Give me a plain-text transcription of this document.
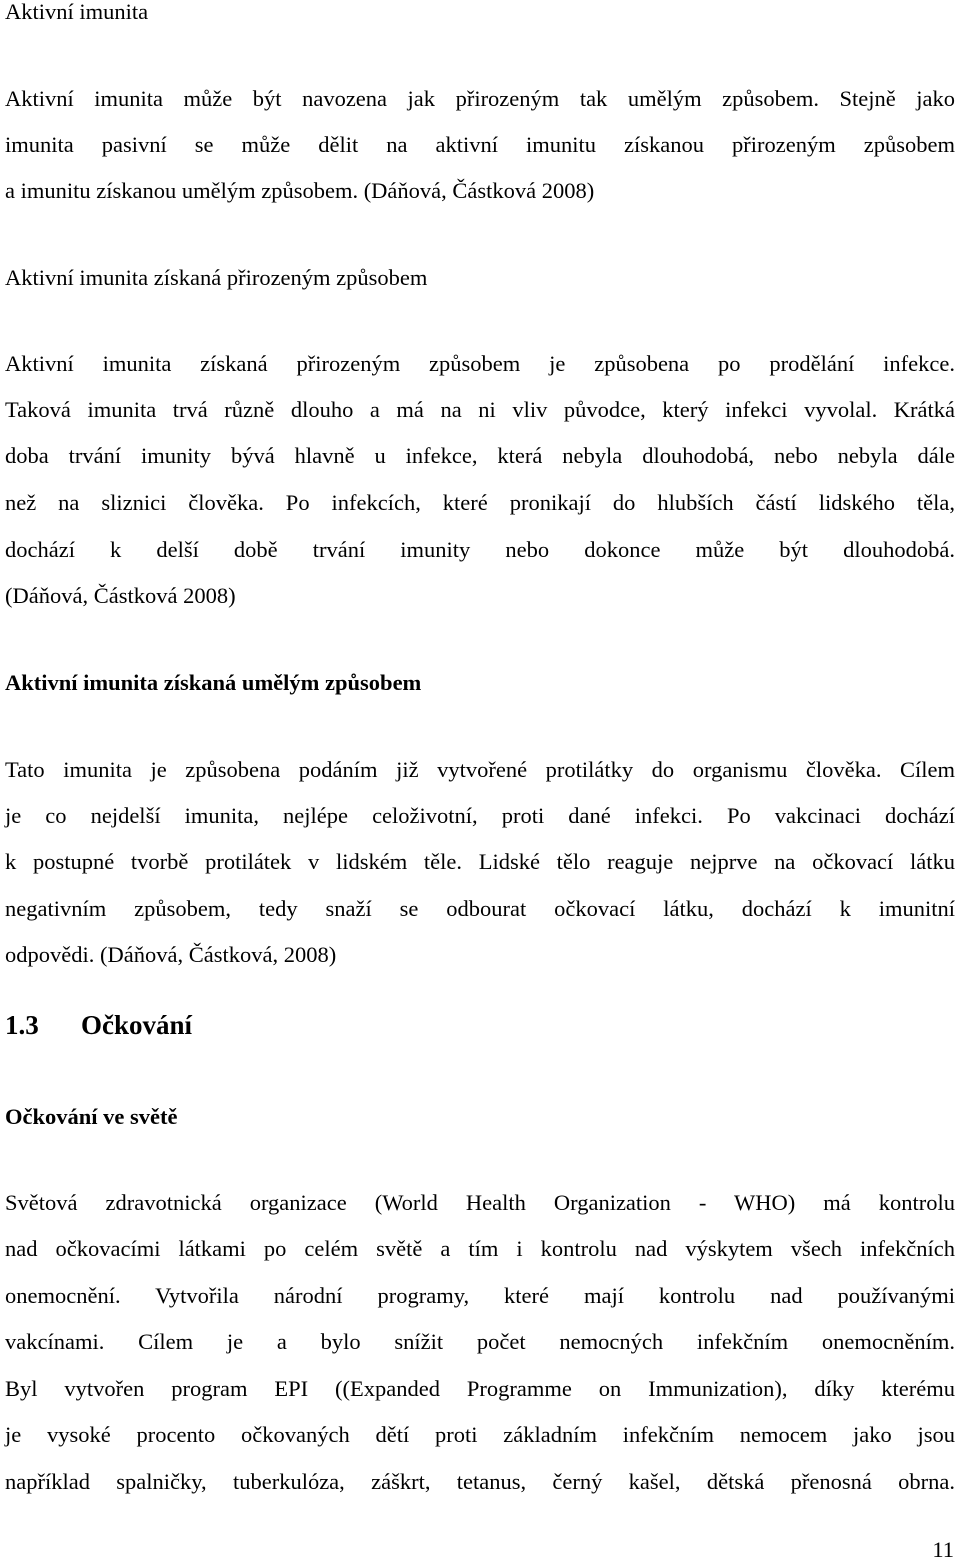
Aktivní imunita

Aktivní imunita může být navozena jak přirozeným tak umělým způsobem. Stejně jako

imunita pasivní se může dělit na aktivní imunitu získanou přirozeným způsobem

a imunitu získanou umělým způsobem. (Dáňová, Částková 2008)

Aktivní imunita získaná přirozeným způsobem

Aktivní imunita získaná přirozeným způsobem je způsobena po prodělání infekce.

Taková imunita trvá různě dlouho a má na ni vliv původce, který infekci vyvolal. Krátká

doba trvání imunity bývá hlavně u infekce, která nebyla dlouhodobá, nebo nebyla dále

než na sliznici člověka. Po infekcích, které pronikají do hlubších částí lidského těla,

dochází k delší době trvání imunity nebo dokonce může být dlouhodobá.

(Dáňová, Částková 2008)

Aktivní imunita získaná umělým způsobem

Tato imunita je způsobena podáním již vytvořené protilátky do organismu člověka. Cílem

je co nejdelší imunita, nejlépe celoživotní, proti dané infekci. Po vakcinaci dochází

k postupné tvorbě protilátek v lidském těle. Lidské tělo reaguje nejprve na očkovací látku

negativním způsobem, tedy snaží se odbourat očkovací látku, dochází k imunitní

odpovědi. (Dáňová, Částková, 2008)

1.3 Očkování

Očkování ve světě

Světová zdravotnická organizace (World Health Organization - WHO) má kontrolu

nad očkovacími látkami po celém světě a tím i kontrolu nad výskytem všech infekčních

onemocnění. Vytvořila národní programy, které mají kontrolu nad používanými

vakcínami. Cílem je a bylo snížit počet nemocných infekčním onemocněním.

Byl vytvořen program EPI ((Expanded Programme on Immunization), díky kterému

je vysoké procento očkovaných dětí proti základním infekčním nemocem jako jsou

například spalničky, tuberkulóza, záškrt, tetanus, černý kašel, dětská přenosná obrna.

11
